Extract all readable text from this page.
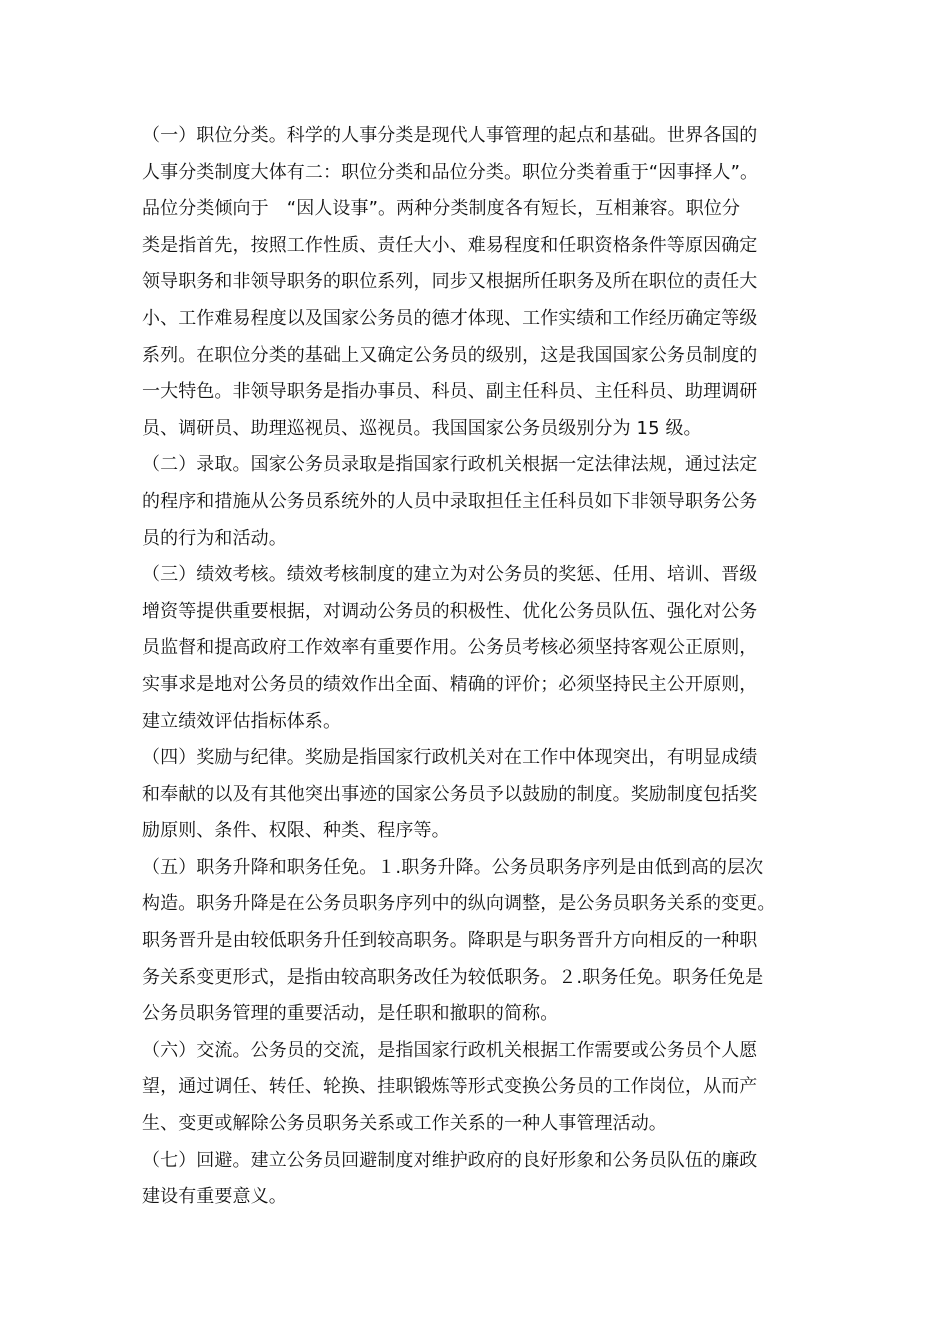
（一）职位分类。科学的人事分类是现代人事管理的起点和基础。世界各国的
人事分类制度大体有二：职位分类和品位分类。职位分类着重于“因事择人”。
品位分类倾向于　“因人设事”。两种分类制度各有短长，互相兼容。职位分
类是指首先，按照工作性质、责任大小、难易程度和任职资格条件等原因确定
领导职务和非领导职务的职位系列，同步又根据所任职务及所在职位的责任大
小、工作难易程度以及国家公务员的德才体现、工作实绩和工作经历确定等级
系列。在职位分类的基础上又确定公务员的级别，这是我国国家公务员制度的
一大特色。非领导职务是指办事员、科员、副主任科员、主任科员、助理调研
员、调研员、助理巡视员、巡视员。我国国家公务员级别分为 15 级。
（二）录取。国家公务员录取是指国家行政机关根据一定法律法规，通过法定
的程序和措施从公务员系统外的人员中录取担任主任科员如下非领导职务公务
员的行为和活动。
（三）绩效考核。绩效考核制度的建立为对公务员的奖惩、任用、培训、晋级
增资等提供重要根据，对调动公务员的积极性、优化公务员队伍、强化对公务
员监督和提高政府工作效率有重要作用。公务员考核必须坚持客观公正原则，
实事求是地对公务员的绩效作出全面、精确的评价；必须坚持民主公开原则，
建立绩效评估指标体系。
（四）奖励与纪律。奖励是指国家行政机关对在工作中体现突出，有明显成绩
和奉献的以及有其他突出事迹的国家公务员予以鼓励的制度。奖励制度包括奖
励原则、条件、权限、种类、程序等。
（五）职务升降和职务任免。１.职务升降。公务员职务序列是由低到高的层次
构造。职务升降是在公务员职务序列中的纵向调整，是公务员职务关系的变更。
职务晋升是由较低职务升任到较高职务。降职是与职务晋升方向相反的一种职
务关系变更形式，是指由较高职务改任为较低职务。２.职务任免。职务任免是
公务员职务管理的重要活动，是任职和撤职的简称。
（六）交流。公务员的交流，是指国家行政机关根据工作需要或公务员个人愿
望，通过调任、转任、轮换、挂职锻炼等形式变换公务员的工作岗位，从而产
生、变更或解除公务员职务关系或工作关系的一种人事管理活动。
（七）回避。建立公务员回避制度对维护政府的良好形象和公务员队伍的廉政
建设有重要意义。
